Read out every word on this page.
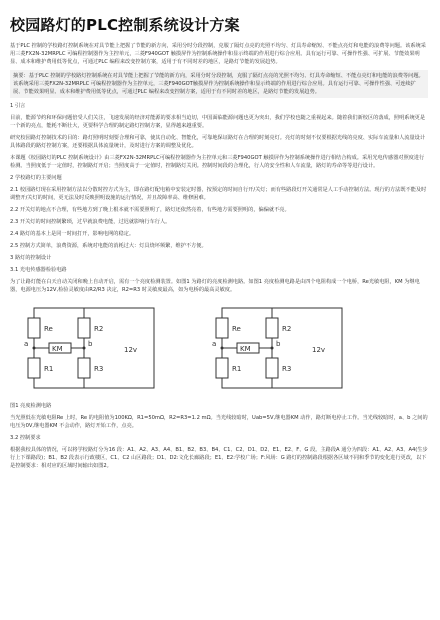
校园路灯的PLC控制系统设计方案

基于PLC 控制的学校路灯控制系统在对具节能上把握了节能的新方向，采用分时分段控制，克服了隔灯点亮的光照不均匀、灯具寿命缩短、不能点亮灯和电能的浪费等问题。该系统采用三菱FX2N-32MRPLC 可编程控制器作为主控单元，三菱F940GOT 触摸屏作为控制系统操作和显示终端的作用进行综合应用。具有运行可靠、可操作性强、可扩展、节能效果明显、成本和维护费用低等优点，可通过PLC 编程来改变控制方案，适用于有不同时差的地区，是路灯节能的发展趋势。

摘要：基于PLC 控制的学校路灯控制系统在对具节能上把握了节能的新方向，采用分时分段控制，克服了隔灯点亮的光照不均匀、灯具寿命缩短、不能点亮灯和电能的浪费等问题。该系统采用三菱FX2N-32MRPLC 可编程控制器作为主控单元，三菱F940GOT触摸屏作为控制系统操作和显示终端的作用进行综合应用。具有运行可靠、可操作性强、可连续扩展、节能效果明显、成本和维护费用低等优点，可通过PLC 编程来改变控制方案，适用于有不同时差的地区，是路灯节能的发展趋势。

1 引言

目前，能源节约和环保问题倍受人们关注，飞速发展的经济对能源的要求相当迫切，中国面临能源问题也更为突出，我们学校也随之重视起来。随着我们新校区的落成，照明系统更是一个新的亮点，能耗不断壮大，更要科学合理的制定路灯控制方案，显得越来越重要。

研究校园路灯控制技术的目的：路灯照明时刻要合理和可靠，使其自动化、智能化，可靠地保证路灯在合理的时刻亮灯。亮灯的时刻不仅要根据光线的亮度、实际车流量和人流量设计具体路段的路灯控制方案，还要根据具体流量统计，及时进行方案的调整及优化。

本课题《校园路灯的PLC 控制系统设计》由三菱FX2N-32MRPLC可编程控制器作为主控单元和三菱F940GOT 触摸屏作为控制系统操作进行相结合构成。采用光电传感器对照度进行检测。当照度低于一定值时，控制路灯开启；当照度高于一定值时，控制路灯关闭。控制时间段的合理化，行人的安全性和人车流量，路灯的寿命等等进行设计。

2 学校路灯的主要问题

2.1 校园路灯现在采用控制方法以分散时控方式为主，即在路灯配电箱中安装定时器，按预定的时间自行开/关灯；而有些路段灯开关通常是人工手动控制方法。现行的方法既不能及时调整开/关灯的时间，更无法及时反映照明设施的运行情况，并且故障率高、维修困难。

2.2 开关灯的地点不合理，有些地方到了晚上根本就不需要照明了，路灯还依然亮着，有些地方需要照明的，偏偏就不亮。

2.3 开关灯的时间控制繁琐，过早就浪费电能，过迟就影响行车行人。

2.4 路灯的基本上是同一时间打开，影响电网的稳定。

2.5 控制方式简单，浪费资源，系统对电能的消耗过大：灯具烧坏频繁，维护不方便。

3 路灯的控制设计

3.1 光电传感器检验电路

为了让路灯能在白天自动关闭和晚上自动开启，需有一个亮度检测装置。如图1 为路灯的亮度检测电路。如图1 亮度检测电路是由四个电阻构成一个电桥，Re光敏电阻，KM 为继电器，电源电压为12V,检验灵敏度由R2/R3 决定，R2=R3 时灵敏度最高，如为电桥的最高灵敏度。

Re	R2
R1	R3
a	b
KM	12v
Re	R2
R1	R3
a	b
KM	12v

图1 亮度检测电路

当光照低在光敏电阻Re 上时，Re 的电阻值为100KΩ，R1=50mΩ，R2=R3=1.2 mΩ。当光线较暗时，Uab=5V,继电器KM 动作，路灯断电停止工作。当光线较暗时，a、b 之间的电压为0V,继电器KM 不会动作，路灯开始工作，点亮。

3.2 控制要求

根据我校具体的情况，可以将学校路灯分为16 段：A1、A2、A3、A4、B1、B2、B3、B4、C1、C2、D1、D2、E1、E2、F、G 段。主路段A 通分为四段：A1、A2、A3、A4(生步行上下课路段)；B1、B2 段表示行政楼区，C1、C2 山区路段；D1、D2:文化长廊路段；E1、E2:学校广场；F:风场：G 路灯的控制路段根据各区域不同和季节的变化进行更改，以下是控制要求：相对应的区域时间输出如图2。
